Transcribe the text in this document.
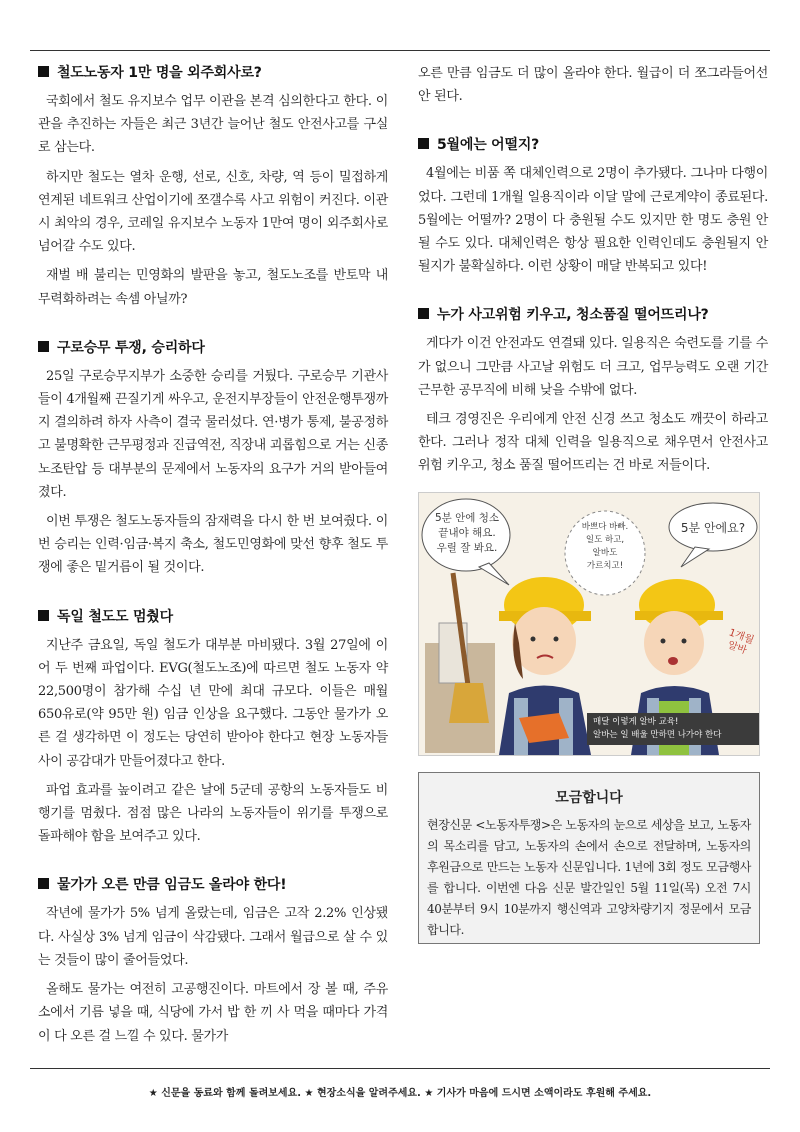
철도노동자 1만 명을 외주회사로?

국회에서 철도 유지보수 업무 이관을 본격 심의한다고 한다. 이관을 추진하는 자들은 최근 3년간 늘어난 철도 안전사고를 구실로 삼는다.

하지만 철도는 열차 운행, 선로, 신호, 차량, 역 등이 밀접하게 연계된 네트워크 산업이기에 쪼갤수록 사고 위험이 커진다. 이관 시 최악의 경우, 코레일 유지보수 노동자 1만여 명이 외주회사로 넘어갈 수도 있다.

재벌 배 불리는 민영화의 발판을 놓고, 철도노조를 반토막 내 무력화하려는 속셈 아닐까?

구로승무 투쟁, 승리하다

25일 구로승무지부가 소중한 승리를 거뒀다. 구로승무 기관사들이 4개월째 끈질기게 싸우고, 운전지부장들이 안전운행투쟁까지 결의하려 하자 사측이 결국 물러섰다. 연·병가 통제, 불공정하고 불명확한 근무평정과 진급역전, 직장내 괴롭힘으로 거는 신종 노조탄압 등 대부분의 문제에서 노동자의 요구가 거의 받아들여졌다.

이번 투쟁은 철도노동자들의 잠재력을 다시 한 번 보여줬다. 이번 승리는 인력·임금·복지 축소, 철도민영화에 맞선 향후 철도 투쟁에 좋은 밑거름이 될 것이다.

독일 철도도 멈췄다

지난주 금요일, 독일 철도가 대부분 마비됐다. 3월 27일에 이어 두 번째 파업이다. EVG(철도노조)에 따르면 철도 노동자 약 22,500명이 참가해 수십 년 만에 최대 규모다. 이들은 매월 650유로(약 95만 원) 임금 인상을 요구했다. 그동안 물가가 오른 걸 생각하면 이 정도는 당연히 받아야 한다고 현장 노동자들 사이 공감대가 만들어졌다고 한다.

파업 효과를 높이려고 같은 날에 5군데 공항의 노동자들도 비행기를 멈췄다. 점점 많은 나라의 노동자들이 위기를 투쟁으로 돌파해야 함을 보여주고 있다.

물가가 오른 만큼 임금도 올라야 한다!

작년에 물가가 5% 넘게 올랐는데, 임금은 고작 2.2% 인상됐다. 사실상 3% 넘게 임금이 삭감됐다. 그래서 월급으로 살 수 있는 것들이 많이 줄어들었다.

올해도 물가는 여전히 고공행진이다. 마트에서 장 볼 때, 주유소에서 기름 넣을 때, 식당에 가서 밥 한 끼 사 먹을 때마다 가격이 다 오른 걸 느낄 수 있다. 물가가

오른 만큼 임금도 더 많이 올라야 한다. 월급이 더 쪼그라들어선 안 된다.

5월에는 어떨지?

4월에는 비품 쪽 대체인력으로 2명이 추가됐다. 그나마 다행이었다. 그런데 1개월 일용직이라 이달 말에 근로계약이 종료된다. 5월에는 어떨까? 2명이 다 충원될 수도 있지만 한 명도 충원 안 될 수도 있다. 대체인력은 항상 필요한 인력인데도 충원될지 안 될지가 불확실하다. 이런 상황이 매달 반복되고 있다!

누가 사고위험 키우고, 청소품질 떨어뜨리나?

게다가 이건 안전과도 연결돼 있다. 일용직은 숙련도를 기를 수가 없으니 그만큼 사고날 위험도 더 크고, 업무능력도 오랜 기간 근무한 공무직에 비해 낮을 수밖에 없다.

테크 경영진은 우리에게 안전 신경 쓰고 청소도 깨끗이 하라고 한다. 그러나 정작 대체 인력을 일용직으로 채우면서 안전사고 위험 키우고, 청소 품질 떨어뜨리는 건 바로 저들이다.

5분 안에 청소
끝내야 해요.
우릴 잘 봐요.
바쁘다 바빠.
일도 하고,
알바도
가르치고!
5분 안에요?
1개월 알바
매달 이렇게 알바 교육!
알바는 일 배울 만하면 나가야 한다
모금합니다
현장신문 <노동자투쟁>은 노동자의 눈으로 세상을 보고, 노동자의 목소리를 담고, 노동자의 손에서 손으로 전달하며, 노동자의 후원금으로 만드는 노동자 신문입니다. 1년에 3회 정도 모금행사를 합니다. 이번엔 다음 신문 발간일인 5월 11일(목) 오전 7시 40분부터 9시 10분까지 행신역과 고양차량기지 정문에서 모금합니다.
★ 신문을 동료와 함께 돌려보세요. ★ 현장소식을 알려주세요. ★ 기사가 마음에 드시면 소액이라도 후원해 주세요.
